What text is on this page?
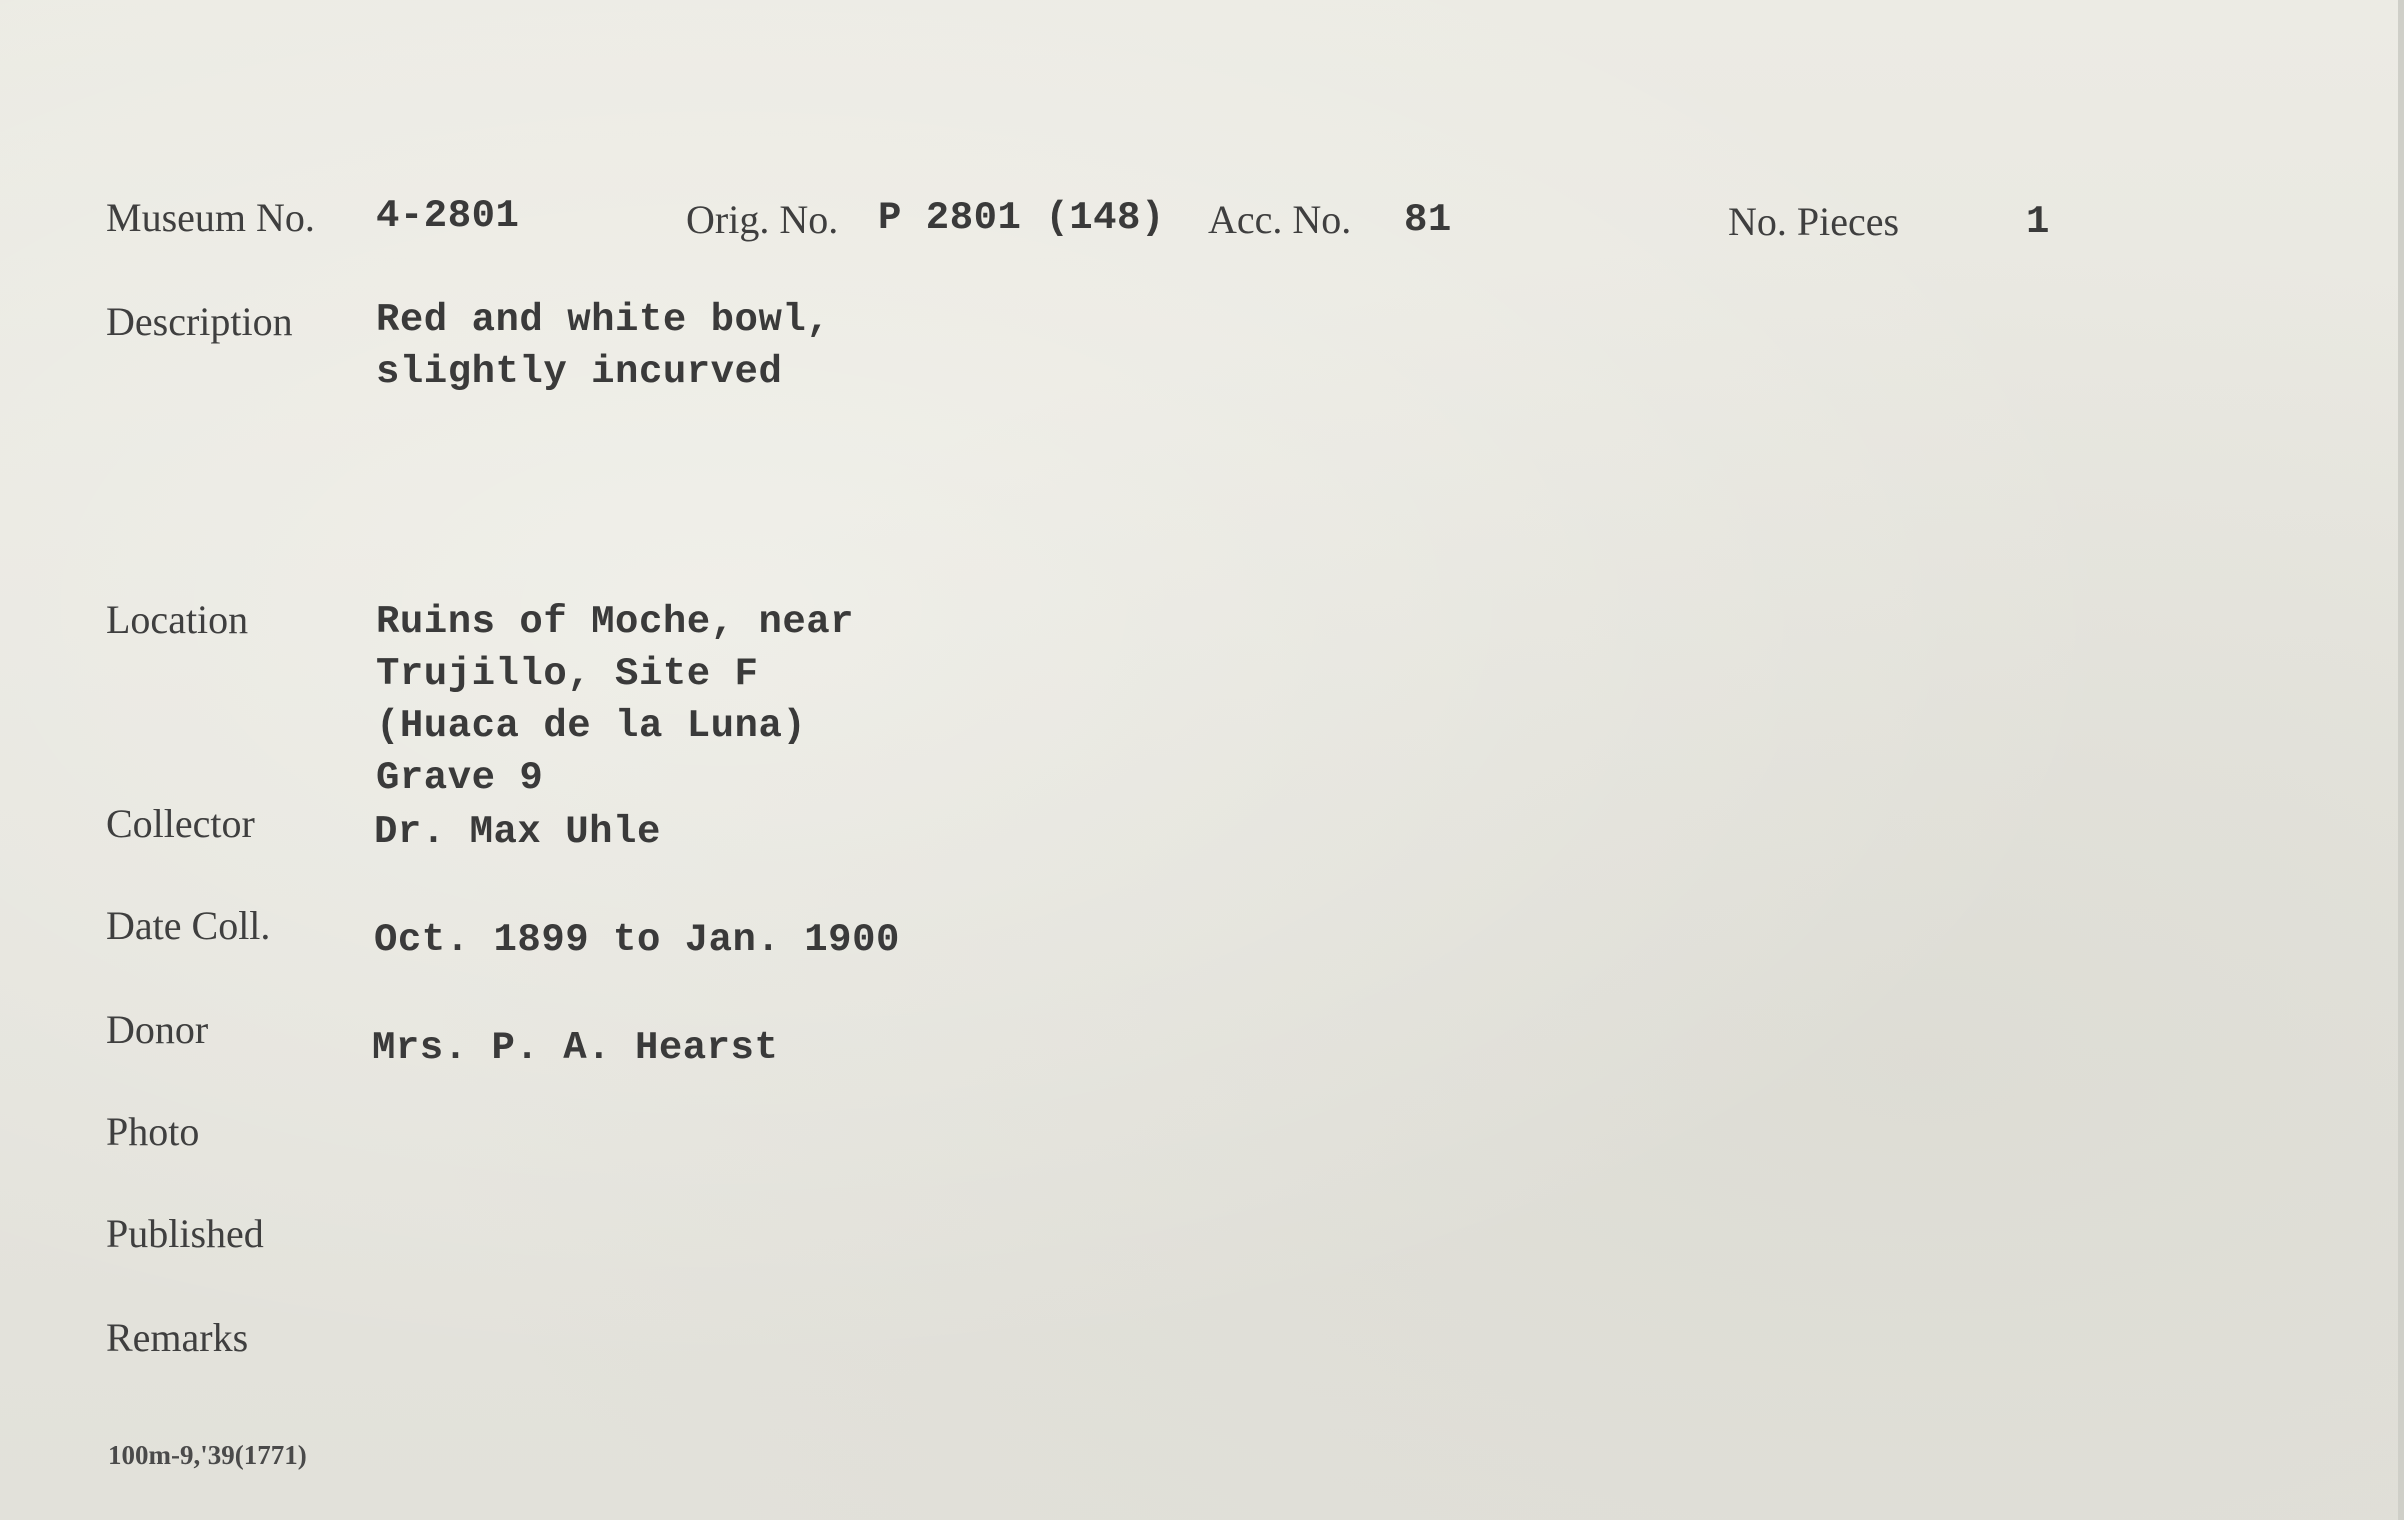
Museum No. 4-2801	Orig. No. P 2801 (148) Acc. No. 81	No. Pieces	1
Description Red and white bowl,
slightly incurved
Location	Ruins of Moche, near
Trujillo, Site F
(Huaca de la Luna)
Grave 9
Collector	Dr. Max Uhle
Date Coll.	Oct. 1899 to Jan. 1900
Donor	Mrs. P. A. Hearst
Photo
Published
Remarks
100m-9,'39(1771)
